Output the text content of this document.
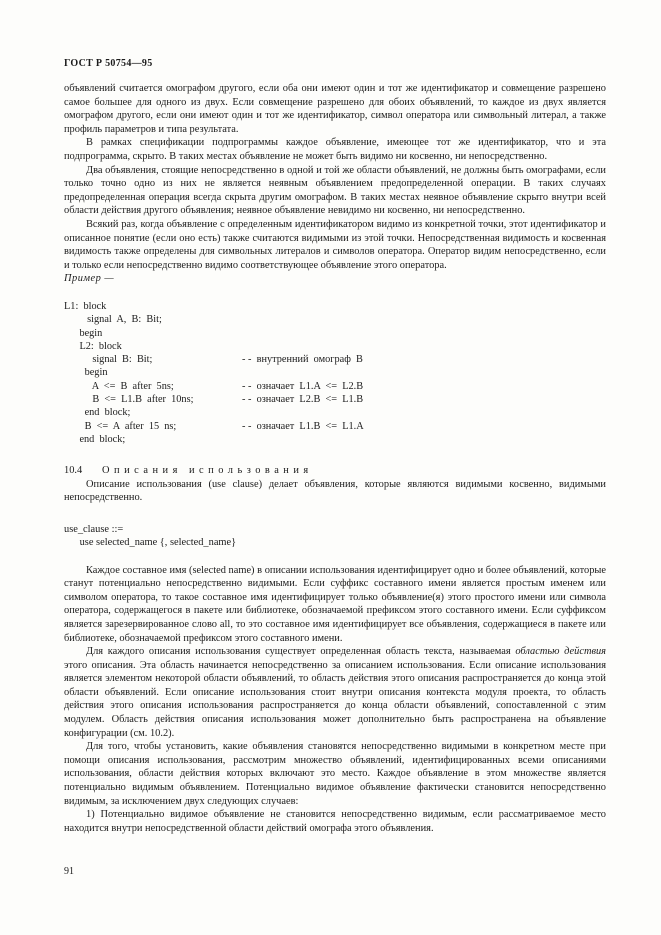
ГОСТ Р 50754—95

объявлений считается омографом другого, если оба они имеют один и тот же идентификатор и совмещение разрешено самое большее для одного из двух. Если совмещение разрешено для обоих объявлений, то каждое из двух является омографом другого, если они имеют один и тот же идентификатор, символ оператора или символьный литерал, а также профиль параметров и типа результата.

В рамках спецификации подпрограммы каждое объявление, имеющее тот же идентификатор, что и эта подпрограмма, скрыто. В таких местах объявление не может быть видимо ни косвенно, ни непосредственно.

Два объявления, стоящие непосредственно в одной и той же области объявлений, не должны быть омографами, если только точно одно из них не является неявным объявлением предопределенной операции. В таких случаях предопределенная операция всегда скрыта другим омографом. В таких местах неявное объявление скрыто внутри всей области действия другого объявления; неявное объявление невидимо ни косвенно, ни непосредственно.

Всякий раз, когда объявление с определенным идентификатором видимо из конкретной точки, этот идентификатор и описанное понятие (если оно есть) также считаются видимыми из этой точки. Непосредственная видимость и косвенная видимость также определены для символьных литералов и символов оператора. Оператор видим непосредственно, если и только если непосредственно видимо соответствующее объявление этого оператора.

Пример —

L1:  block
signal  A,  B:  Bit;
begin
L2:  block
signal  B:  Bit;	- -  внутренний  омограф  B
begin
A  <=  B  after  5ns;	- -  означает  L1.A  <=  L2.B
B  <=  L1.B  after  10ns;	- -  означает  L2.B  <=  L1.B
end  block;
B  <=  A  after  15  ns;	- -  означает  L1.B  <=  L1.A
end  block;
10.4 Описания использования

Описание использования (use clause) делает объявления, которые являются видимыми косвенно, видимыми непосредственно.

use_clause ::=
use selected_name {, selected_name}

Каждое составное имя (selected name) в описании использования идентифицирует одно и более объявлений, которые станут потенциально непосредственно видимыми. Если суффикс составного имени является простым именем или символом оператора, то такое составное имя идентифицирует только объявление(я) этого простого имени или символа оператора, содержащегося в пакете или библиотеке, обозначаемой префиксом этого составного имени. Если суффиксом является зарезервированное слово all, то это составное имя идентифицирует все объявления, содержащиеся в пакете или библиотеке, обозначаемой префиксом этого составного имени.

Для каждого описания использования существует определенная область текста, называемая областью действия этого описания. Эта область начинается непосредственно за описанием использования. Если описание использования является элементом некоторой области объявлений, то область действия этого описания распространяется до конца этой области объявлений. Если описание использования стоит внутри описания контекста модуля проекта, то область действия этого описания использования распространяется до конца области объявлений, сопоставленной с этим модулем. Область действия описания использования может дополнительно быть распространена на объявление конфигурации (см. 10.2).

Для того, чтобы установить, какие объявления становятся непосредственно видимыми в конкретном месте при помощи описания использования, рассмотрим множество объявлений, идентифицированных всеми описаниями использования, области действия которых включают это место. Каждое объявление в этом множестве является потенциально видимым объявлением. Потенциально видимое объявление фактически становится непосредственно видимым, за исключением двух следующих случаев:

1) Потенциально видимое объявление не становится непосредственно видимым, если рассматриваемое место находится внутри непосредственной области действий омографа этого объявления.

91
